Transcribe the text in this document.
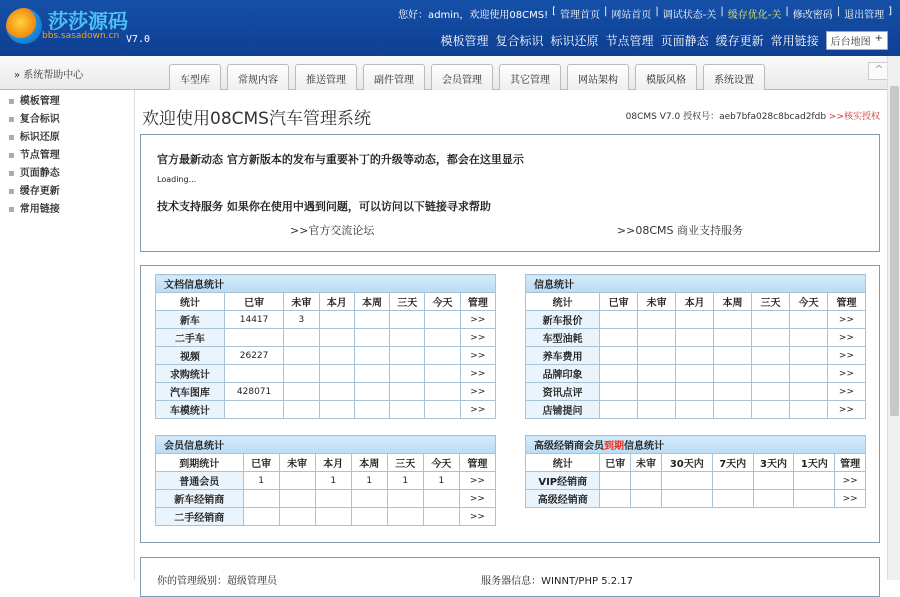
莎莎源码
bbs.sasadown.cn V7.0
您好：admin，欢迎使用08CMS! [ 管理首页 | 网站首页 | 调试状态-关 | 缓存优化-关 | 修改密码 | 退出管理 ]
模板管理 复合标识 标识还原 节点管理 页面静态 缓存更新 常用链接 后台地图 +
» 系统帮助中心	车型库	常规内容	推送管理	副件管理	会员管理	其它管理	网站架构	模版风格	系统设置
^
▪ 模板管理
▪ 复合标识
▪ 标识还原
▪ 节点管理
▪ 页面静态
▪ 缓存更新
▪ 常用链接
欢迎使用08CMS汽车管理系统	08CMS V7.0 授权号：aeb7bfa028c8bcad2fdb >>核实授权
官方最新动态 官方新版本的发布与重要补丁的升级等动态，都会在这里显示
Loading...
技术支持服务 如果你在使用中遇到问题，可以访问以下链接寻求帮助
>>官方交流论坛	>>08CMS 商业支持服务
文档信息统计							
统计	已审	未审	本月	本周	三天	今天	管理
新车	14417	3					>>
二手车							>>
视频	26227						>>
求购统计							>>
汽车图库	428071						>>
车模统计							>>
信息统计							
统计	已审	未审	本月	本周	三天	今天	管理
新车报价							>>
车型油耗							>>
养车费用							>>
品牌印象							>>
资讯点评							>>
店铺提问							>>
会员信息统计							
到期统计	已审	未审	本月	本周	三天	今天	管理
普通会员	1		1	1	1	1	>>
新车经销商							>>
二手经销商							>>
高级经销商会员到期信息统计							
统计	已审	未审	30天内	7天内	3天内	1天内	管理
VIP经销商							>>
高级经销商							>>
你的管理级别：超级管理员	服务器信息：WINNT/PHP 5.2.17
